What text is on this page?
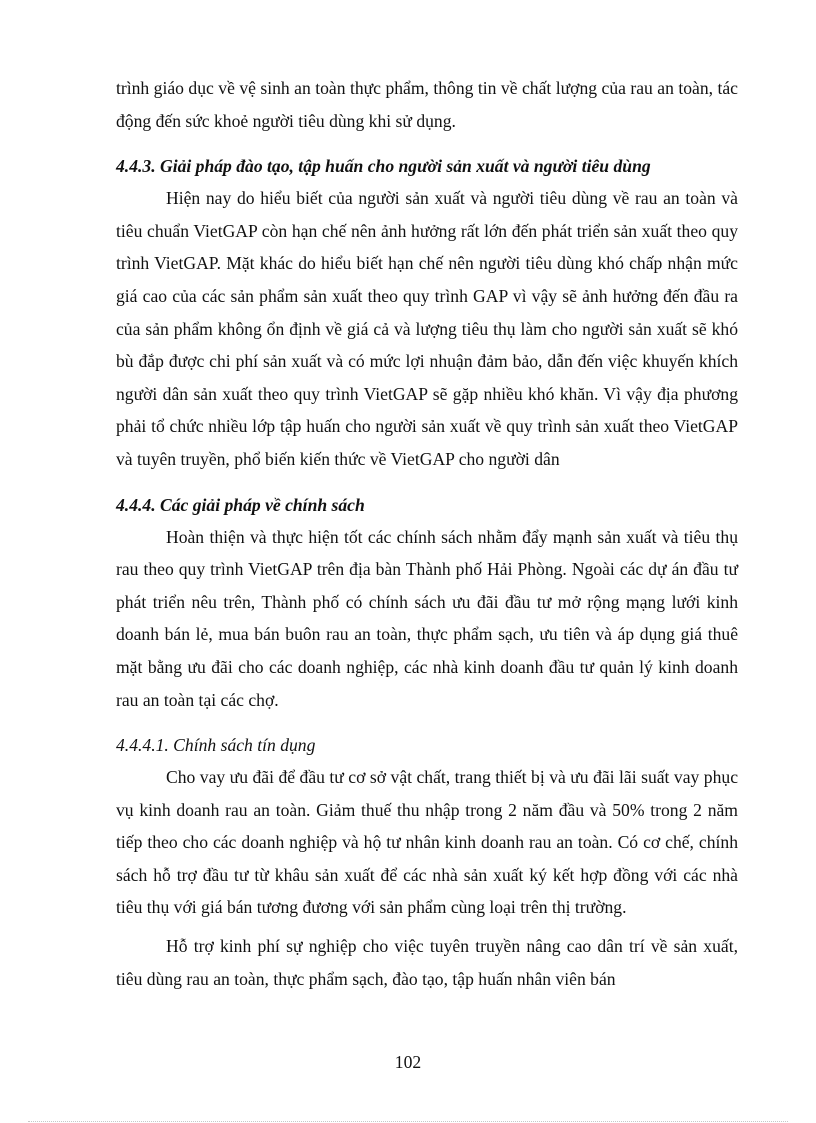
trình giáo dục về vệ sinh an toàn thực phẩm, thông tin về chất lượng của rau an toàn, tác động đến sức khoẻ người tiêu dùng khi sử dụng.

4.4.3. Giải pháp đào tạo, tập huấn cho người sản xuất và người tiêu dùng

Hiện nay do hiểu biết của người sản xuất và người tiêu dùng về rau an toàn và tiêu chuẩn VietGAP còn hạn chế nên ảnh hưởng rất lớn đến phát triển sản xuất theo quy trình VietGAP. Mặt khác do hiểu biết hạn chế nên người tiêu dùng khó chấp nhận mức giá cao của các sản phẩm sản xuất theo quy trình GAP vì vậy sẽ ảnh hưởng đến đầu ra của sản phẩm không ổn định về giá cả và lượng tiêu thụ làm cho người sản xuất sẽ khó bù đắp được chi phí sản xuất và có mức lợi nhuận đảm bảo, dẫn đến việc khuyến khích người dân sản xuất theo quy trình VietGAP sẽ gặp nhiều khó khăn. Vì vậy địa phương phải tổ chức nhiều lớp tập huấn cho người sản xuất về quy trình sản xuất theo VietGAP và tuyên truyền, phổ biến kiến thức về VietGAP cho người dân

4.4.4. Các giải pháp về chính sách

Hoàn thiện và thực hiện tốt các chính sách nhằm đẩy mạnh sản xuất và tiêu thụ rau theo quy trình VietGAP trên địa bàn Thành phố Hải Phòng. Ngoài các dự án đầu tư phát triển nêu trên, Thành phố có chính sách ưu đãi đầu tư mở rộng mạng lưới kinh doanh bán lẻ, mua bán buôn rau an toàn, thực phẩm sạch, ưu tiên và áp dụng giá thuê mặt bằng ưu đãi cho các doanh nghiệp, các nhà kinh doanh đầu tư quản lý kinh doanh rau an toàn tại các chợ.

4.4.4.1. Chính sách tín dụng

Cho vay ưu đãi để đầu tư cơ sở vật chất, trang thiết bị và ưu đãi lãi suất vay phục vụ kinh doanh rau an toàn. Giảm thuế thu nhập trong 2 năm đầu và 50% trong 2 năm tiếp theo cho các doanh nghiệp và hộ tư nhân kinh doanh rau an toàn. Có cơ chế, chính sách hỗ trợ đầu tư từ khâu sản xuất để các nhà sản xuất ký kết hợp đồng với các nhà tiêu thụ với giá bán tương đương với sản phẩm cùng loại trên thị trường.

Hỗ trợ kinh phí sự nghiệp cho việc tuyên truyền nâng cao dân trí về sản xuất, tiêu dùng rau an toàn, thực phẩm sạch, đào tạo, tập huấn nhân viên bán

102
